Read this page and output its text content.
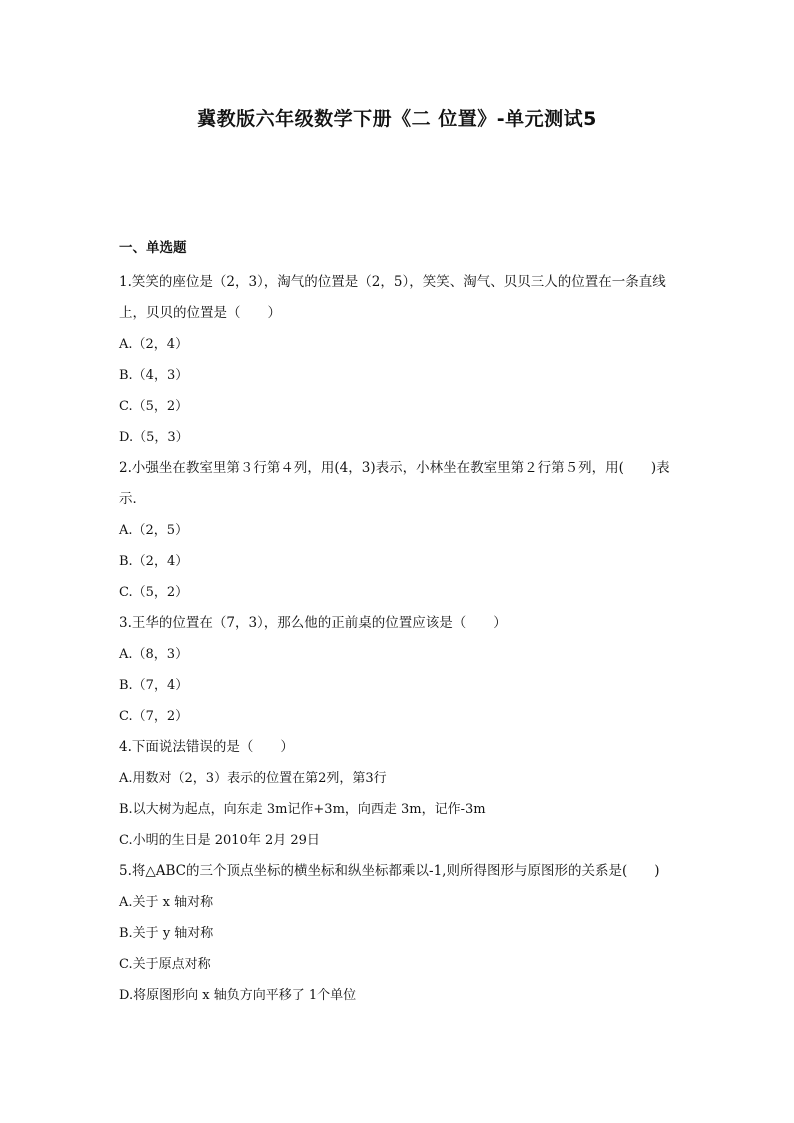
冀教版六年级数学下册《二 位置》-单元测试5
一、单选题

1.笑笑的座位是（2，3），淘气的位置是（2，5），笑笑、淘气、贝贝三人的位置在一条直线上，贝贝的位置是（　　）

A.（2，4）
B.（4，3）
C.（5，2）
D.（5，3）

2.小强坐在教室里第３行第４列，用(4，3)表示，小林坐在教室里第２行第５列，用(　　)表示．

A.（2，5）
B.（2，4）
C.（5，2）

3.王华的位置在（7，3），那么他的正前桌的位置应该是（　　）

A.（8，3）
B.（7，4）
C.（7，2）

4.下面说法错误的是（　　）

A.用数对（2，3）表示的位置在第2列，第3行
B.以大树为起点，向东走 3m记作+3m，向西走 3m，记作-3m
C.小明的生日是 2010年 2月 29日

5.将△ABC的三个顶点坐标的横坐标和纵坐标都乘以-1,则所得图形与原图形的关系是(　　)

A.关于 x 轴对称
B.关于 y 轴对称
C.关于原点对称
D.将原图形向 x 轴负方向平移了 1个单位
